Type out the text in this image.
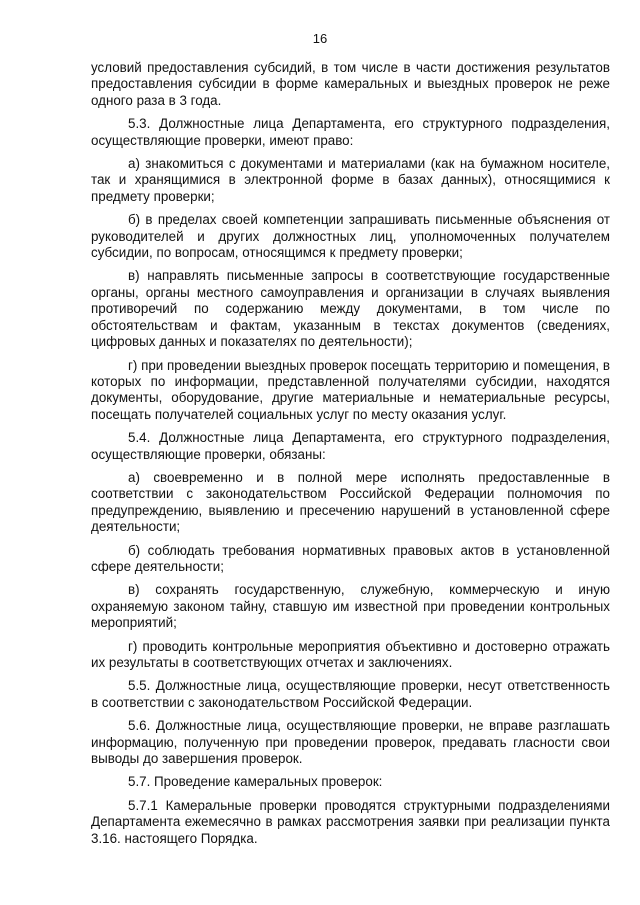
16

условий предоставления субсидий, в том числе в части достижения результатов предоставления субсидии в форме камеральных и выездных проверок не реже одного раза в 3 года.

5.3. Должностные лица Департамента, его структурного подразделения, осуществляющие проверки, имеют право:

а) знакомиться с документами и материалами (как на бумажном носителе, так и хранящимися в электронной форме в базах данных), относящимися к предмету проверки;

б) в пределах своей компетенции запрашивать письменные объяснения от руководителей и других должностных лиц, уполномоченных получателем субсидии, по вопросам, относящимся к предмету проверки;

в) направлять письменные запросы в соответствующие государственные органы, органы местного самоуправления и организации в случаях выявления противоречий по содержанию между документами, в том числе по обстоятельствам и фактам, указанным в текстах документов (сведениях, цифровых данных и показателях по деятельности);

г) при проведении выездных проверок посещать территорию и помещения, в которых по информации, представленной получателями субсидии, находятся документы, оборудование, другие материальные и нематериальные ресурсы, посещать получателей социальных услуг по месту оказания услуг.

5.4. Должностные лица Департамента, его структурного подразделения, осуществляющие проверки, обязаны:

а) своевременно и в полной мере исполнять предоставленные в соответствии с законодательством Российской Федерации полномочия по предупреждению, выявлению и пресечению нарушений в установленной сфере деятельности;

б) соблюдать требования нормативных правовых актов в установленной сфере деятельности;

в) сохранять государственную, служебную, коммерческую и иную охраняемую законом тайну, ставшую им известной при проведении контрольных мероприятий;

г) проводить контрольные мероприятия объективно и достоверно отражать их результаты в соответствующих отчетах и заключениях.

5.5. Должностные лица, осуществляющие проверки, несут ответственность в соответствии с законодательством Российской Федерации.

5.6. Должностные лица, осуществляющие проверки, не вправе разглашать информацию, полученную при проведении проверок, предавать гласности свои выводы до завершения проверок.

5.7. Проведение камеральных проверок:

5.7.1 Камеральные проверки проводятся структурными подразделениями Департамента ежемесячно в рамках рассмотрения заявки при реализации пункта 3.16. настоящего Порядка.
